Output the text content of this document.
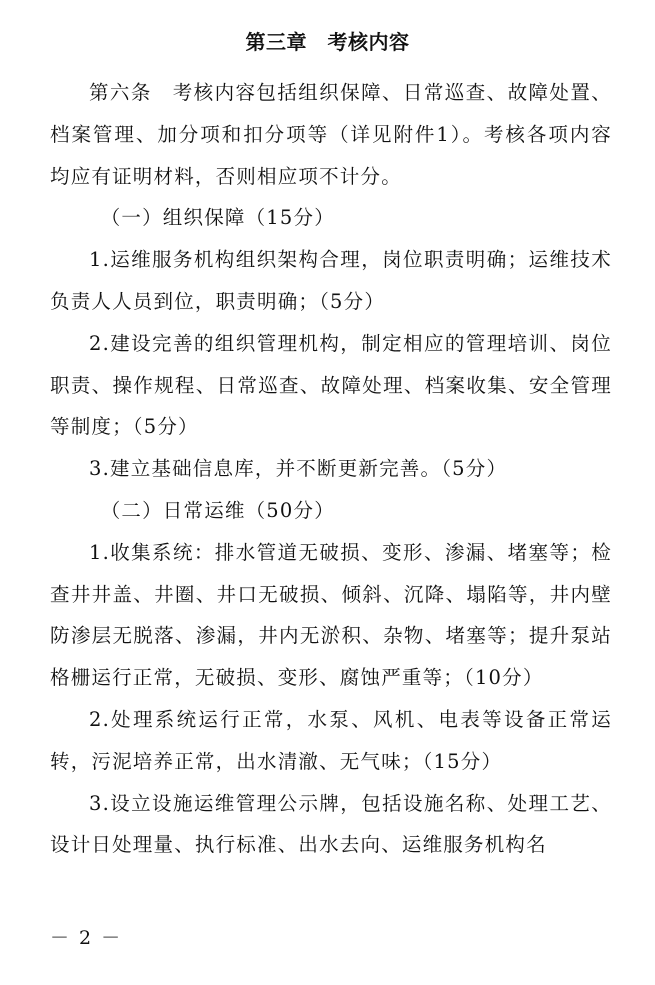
第三章　考核内容

第六条　考核内容包括组织保障、日常巡查、故障处置、档案管理、加分项和扣分项等（详见附件1）。考核各项内容均应有证明材料，否则相应项不计分。

（一）组织保障（15分）

1.运维服务机构组织架构合理，岗位职责明确；运维技术负责人人员到位，职责明确；（5分）

2.建设完善的组织管理机构，制定相应的管理培训、岗位职责、操作规程、日常巡查、故障处理、档案收集、安全管理等制度；（5分）

3.建立基础信息库，并不断更新完善。（5分）

（二）日常运维（50分）

1.收集系统：排水管道无破损、变形、渗漏、堵塞等；检查井井盖、井圈、井口无破损、倾斜、沉降、塌陷等，井内壁防渗层无脱落、渗漏，井内无淤积、杂物、堵塞等；提升泵站格栅运行正常，无破损、变形、腐蚀严重等；（10分）

2.处理系统运行正常，水泵、风机、电表等设备正常运转，污泥培养正常，出水清澈、无气味；（15分）

3.设立设施运维管理公示牌，包括设施名称、处理工艺、设计日处理量、执行标准、出水去向、运维服务机构名

－ 2 －
